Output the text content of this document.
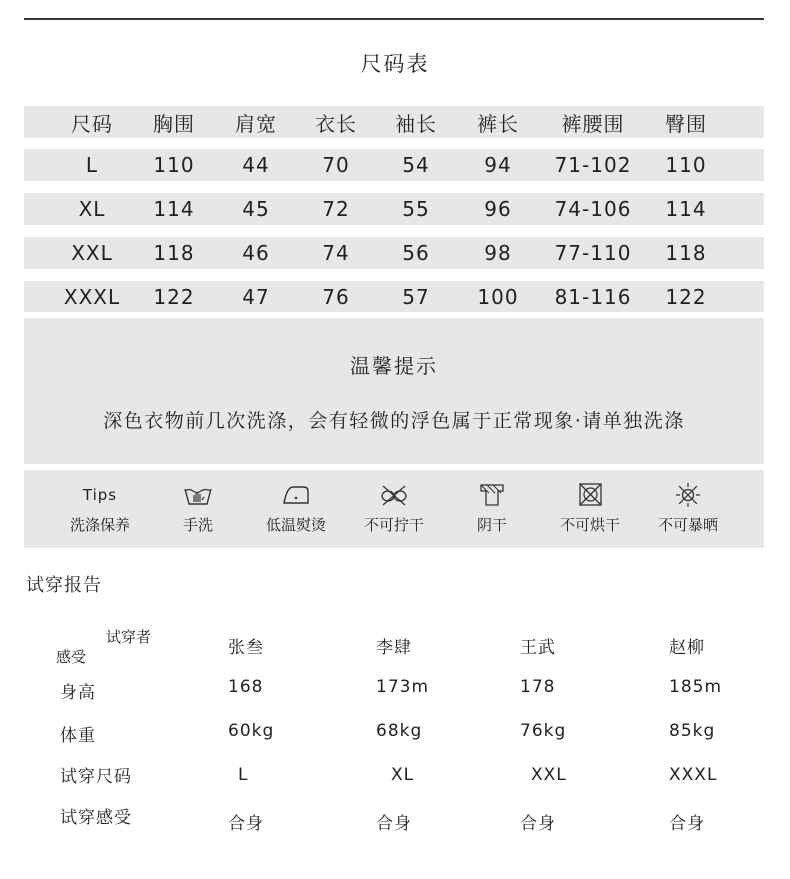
尺码表
尺码	胸围	肩宽	衣长	袖长	裤长	裤腰围	臀围
L	110	44	70	54	94	71-102	110
XL	114	45	72	55	96	74-106	114
XXL	118	46	74	56	98	77-110	118
XXXL	122	47	76	57	100	81-116	122
温馨提示
深色衣物前几次洗涤，会有轻微的浮色属于正常现象·请单独洗涤
Tips
洗涤保养	手洗	低温熨烫	不可拧干	阴干	不可烘干	不可暴晒
试穿报告
试穿者
感受	张叁	李肆	王武	赵柳
身高	168	173m	178	185m
体重	60kg	68kg	76kg	85kg
试穿尺码	L	XL	XXL	XXXL
试穿感受	合身	合身	合身	合身
